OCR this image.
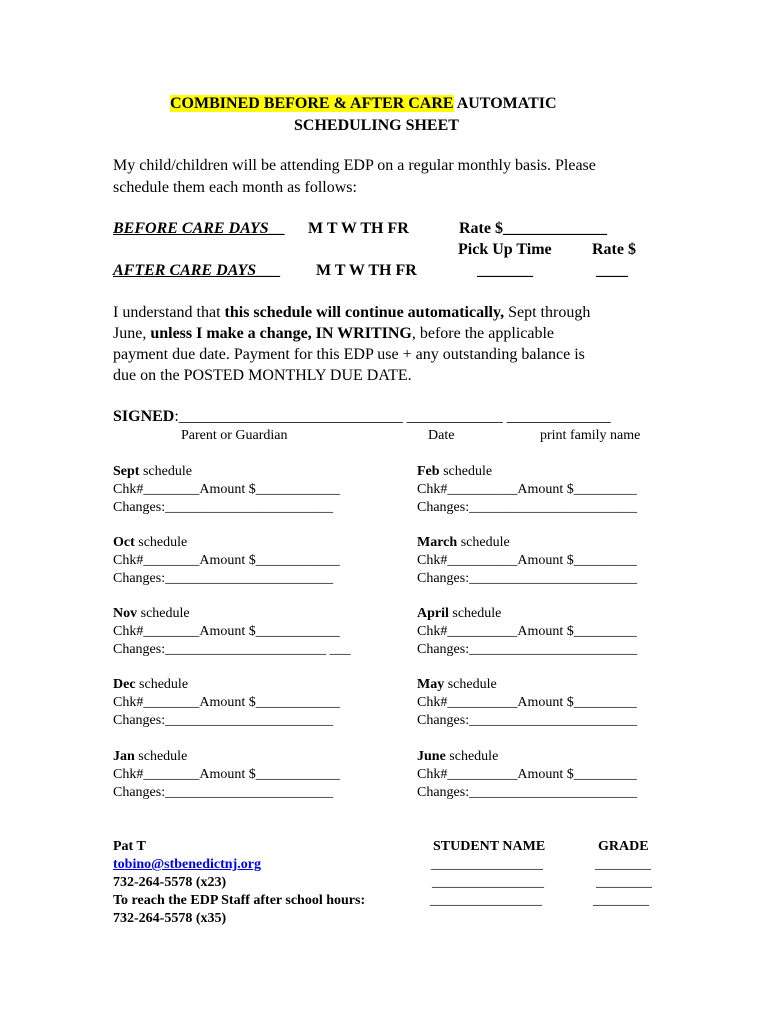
COMBINED BEFORE & AFTER CARE AUTOMATIC
SCHEDULING SHEET
My child/children will be attending EDP on a regular monthly basis. Please
schedule them each month as follows:
BEFORE CARE DAYS__ M T W TH FR	Rate $_____________
Pick Up Time	Rate $
AFTER CARE DAYS___ M T W TH FR	_______	____
I understand that this schedule will continue automatically, Sept through
June, unless I make a change, IN WRITING, before the applicable
payment due date. Payment for this EDP use + any outstanding balance is
due on the POSTED MONTHLY DUE DATE.
SIGNED:____________________________ ____________ _____________
Parent or Guardian	Date	print family name
Sept schedule
Chk#________Amount $____________
Changes:________________________
Oct schedule
Chk#________Amount $____________
Changes:________________________
Nov schedule
Chk#________Amount $____________
Changes:_______________________ ___
Dec schedule
Chk#________Amount $____________
Changes:________________________
Jan schedule
Chk#________Amount $____________
Changes:________________________
Feb schedule
Chk#__________Amount $_________
Changes:________________________
March schedule
Chk#__________Amount $_________
Changes:________________________
April schedule
Chk#__________Amount $_________
Changes:________________________
May schedule
Chk#__________Amount $_________
Changes:________________________
June schedule
Chk#__________Amount $_________
Changes:________________________
Pat T
tobino@stbenedictnj.org
732-264-5578 (x23)
To reach the EDP Staff after school hours:
732-264-5578 (x35)
STUDENT NAME	GRADE
________________	________
________________	________
________________	________
